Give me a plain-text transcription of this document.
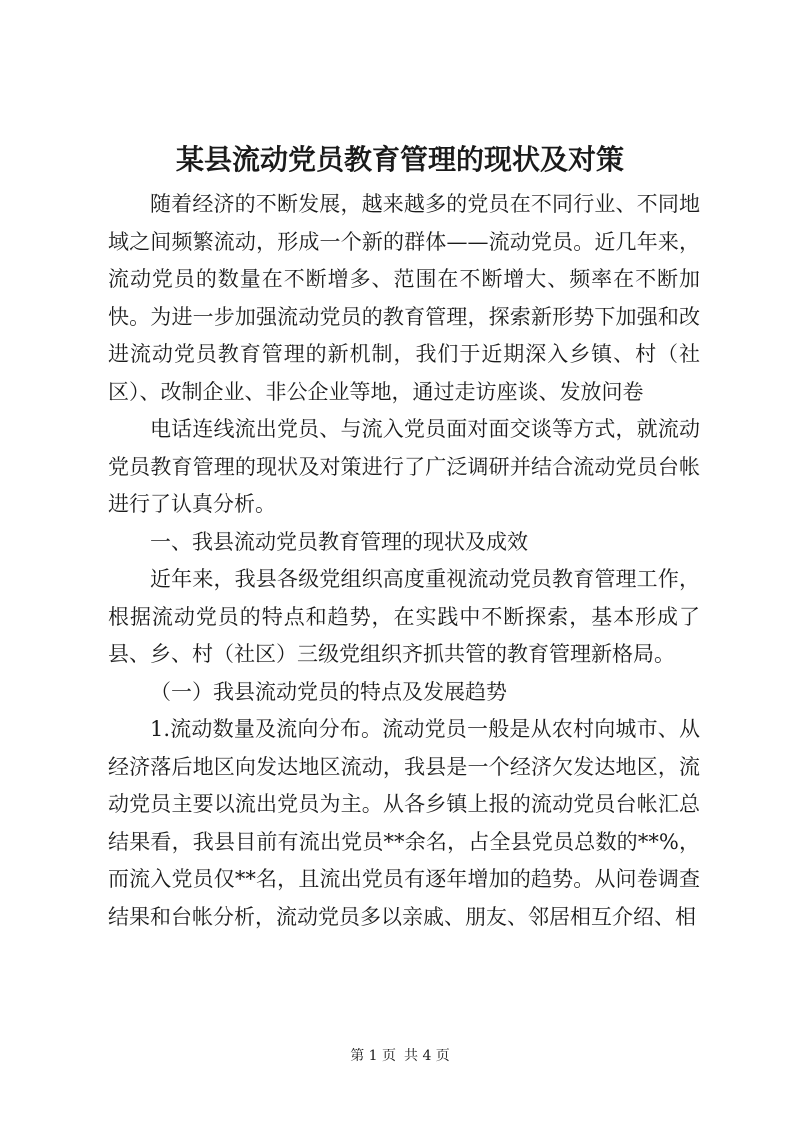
某县流动党员教育管理的现状及对策

随着经济的不断发展，越来越多的党员在不同行业、不同地域之间频繁流动，形成一个新的群体——流动党员。近几年来，流动党员的数量在不断增多、范围在不断增大、频率在不断加快。为进一步加强流动党员的教育管理，探索新形势下加强和改进流动党员教育管理的新机制，我们于近期深入乡镇、村（社区）、改制企业、非公企业等地，通过走访座谈、发放问卷

电话连线流出党员、与流入党员面对面交谈等方式，就流动党员教育管理的现状及对策进行了广泛调研并结合流动党员台帐进行了认真分析。

一、我县流动党员教育管理的现状及成效

近年来，我县各级党组织高度重视流动党员教育管理工作，根据流动党员的特点和趋势，在实践中不断探索，基本形成了县、乡、村（社区）三级党组织齐抓共管的教育管理新格局。

（一）我县流动党员的特点及发展趋势

1.流动数量及流向分布。流动党员一般是从农村向城市、从经济落后地区向发达地区流动，我县是一个经济欠发达地区，流动党员主要以流出党员为主。从各乡镇上报的流动党员台帐汇总结果看，我县目前有流出党员**余名，占全县党员总数的**%，而流入党员仅**名，且流出党员有逐年增加的趋势。从问卷调查结果和台帐分析，流动党员多以亲戚、朋友、邻居相互介绍、相

第 1 页 共 4 页
